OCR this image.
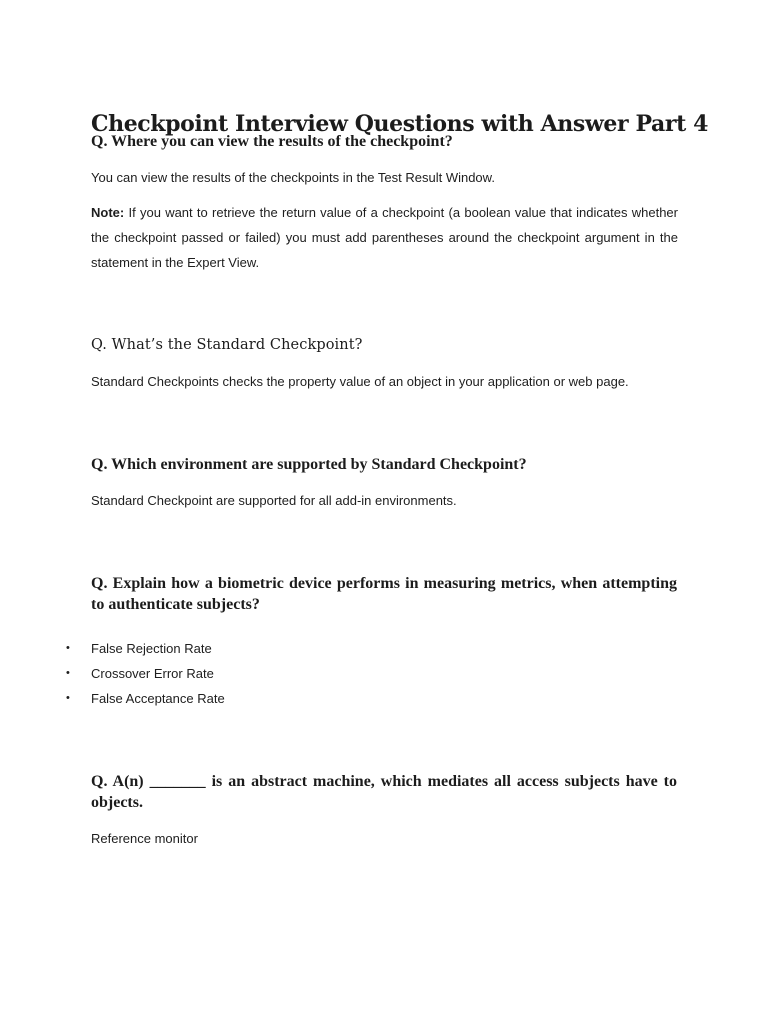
Checkpoint Interview Questions with Answer Part 4

Q. Where you can view the results of the checkpoint?

You can view the results of the checkpoints in the Test Result Window.

Note: If you want to retrieve the return value of a checkpoint (a boolean value that indicates whether the checkpoint passed or failed) you must add parentheses around the checkpoint argument in the statement in the Expert View.

Q. What’s the Standard Checkpoint?

Standard Checkpoints checks the property value of an object in your application or web page.

Q. Which environment are supported by Standard Checkpoint?

Standard Checkpoint are supported for all add-in environments.

Q. Explain how a biometric device performs in measuring metrics, when attempting to authenticate subjects?

• False Rejection Rate
• Crossover Error Rate
• False Acceptance Rate

Q. A(n) _______ is an abstract machine, which mediates all access subjects have to objects.

Reference monitor
